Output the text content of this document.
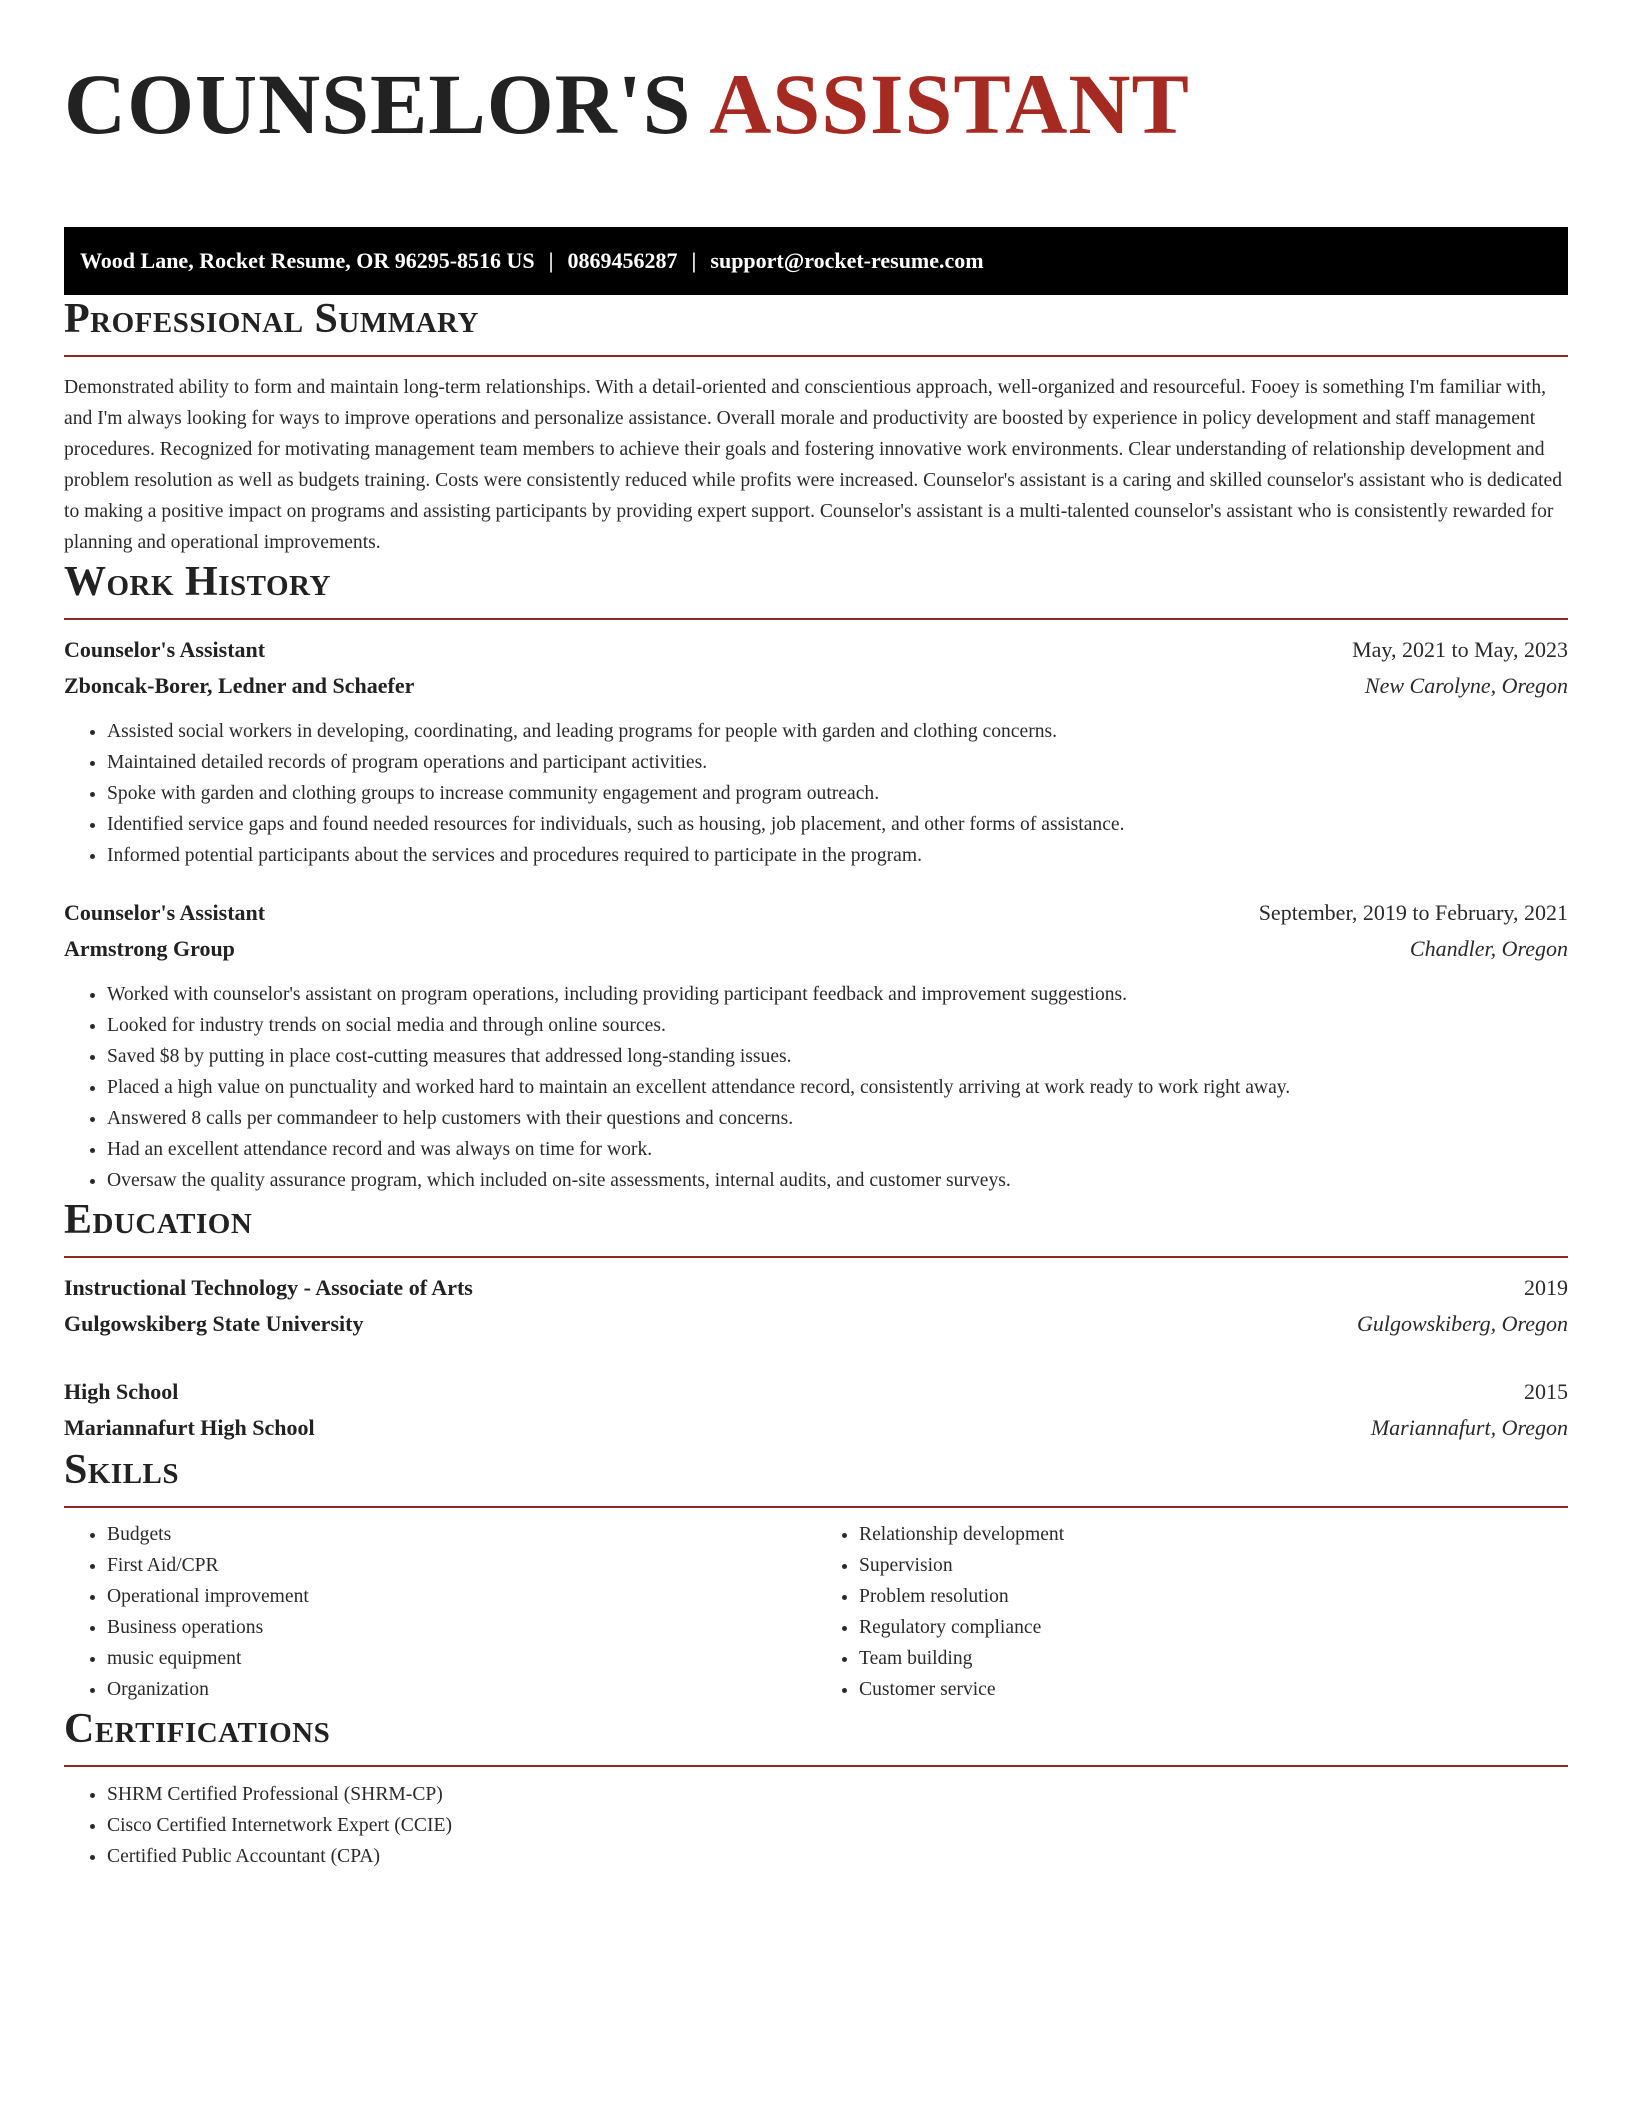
COUNSELOR'S ASSISTANT
Wood Lane, Rocket Resume, OR 96295-8516 US | 0869456287 | support@rocket-resume.com
Professional Summary

Demonstrated ability to form and maintain long-term relationships. With a detail-oriented and conscientious approach, well-organized and resourceful. Fooey is something I'm familiar with, and I'm always looking for ways to improve operations and personalize assistance. Overall morale and productivity are boosted by experience in policy development and staff management procedures. Recognized for motivating management team members to achieve their goals and fostering innovative work environments. Clear understanding of relationship development and problem resolution as well as budgets training. Costs were consistently reduced while profits were increased. Counselor's assistant is a caring and skilled counselor's assistant who is dedicated to making a positive impact on programs and assisting participants by providing expert support. Counselor's assistant is a multi-talented counselor's assistant who is consistently rewarded for planning and operational improvements.

Work History
Counselor's Assistant	May, 2021 to May, 2023
Zboncak-Borer, Ledner and Schaefer	New Carolyne, Oregon
• Assisted social workers in developing, coordinating, and leading programs for people with garden and clothing concerns.
• Maintained detailed records of program operations and participant activities.
• Spoke with garden and clothing groups to increase community engagement and program outreach.
• Identified service gaps and found needed resources for individuals, such as housing, job placement, and other forms of assistance.
• Informed potential participants about the services and procedures required to participate in the program.
Counselor's Assistant	September, 2019 to February, 2021
Armstrong Group	Chandler, Oregon
• Worked with counselor's assistant on program operations, including providing participant feedback and improvement suggestions.
• Looked for industry trends on social media and through online sources.
• Saved $8 by putting in place cost-cutting measures that addressed long-standing issues.
• Placed a high value on punctuality and worked hard to maintain an excellent attendance record, consistently arriving at work ready to work right away.
• Answered 8 calls per commandeer to help customers with their questions and concerns.
• Had an excellent attendance record and was always on time for work.
• Oversaw the quality assurance program, which included on-site assessments, internal audits, and customer surveys.
Education
Instructional Technology - Associate of Arts	2019
Gulgowskiberg State University	Gulgowskiberg, Oregon
High School	2015
Mariannafurt High School	Mariannafurt, Oregon
Skills
• Budgets
• First Aid/CPR
• Operational improvement
• Business operations
• music equipment
• Organization
• Relationship development
• Supervision
• Problem resolution
• Regulatory compliance
• Team building
• Customer service
Certifications
• SHRM Certified Professional (SHRM-CP)
• Cisco Certified Internetwork Expert (CCIE)
• Certified Public Accountant (CPA)
